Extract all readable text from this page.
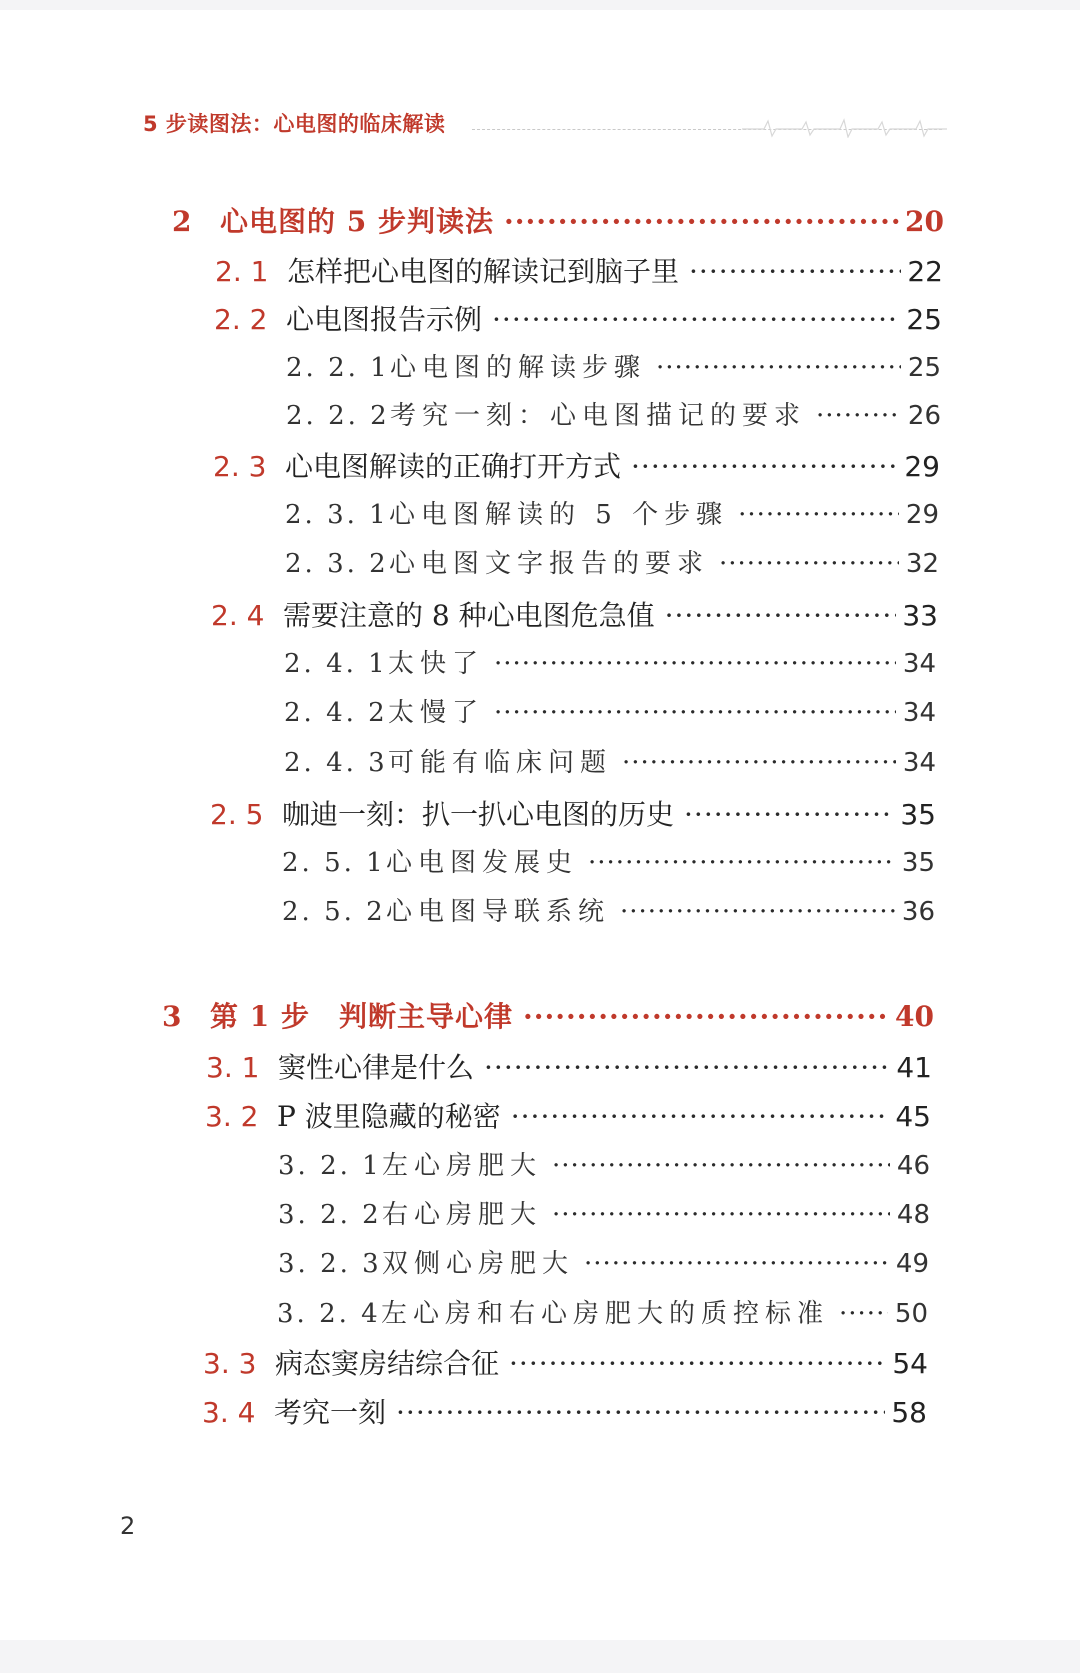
5 步读图法：心电图的临床解读
2	心电图的 5 步判读法 ·····	20
2. 1 怎样把心电图的解读记到脑子里 ·····	22
2. 2 心电图报告示例 ·····	25
2. 2. 1 心电图的解读步骤 ·····	25
2. 2. 2 考究一刻：心电图描记的要求 ·····	26
2. 3 心电图解读的正确打开方式 ·····	29
2. 3. 1 心电图解读的 5 个步骤 ·····	29
2. 3. 2 心电图文字报告的要求 ·····	32
2. 4 需要注意的 8 种心电图危急值 ·····	33
2. 4. 1 太快了 ·····	34
2. 4. 2 太慢了 ·····	34
2. 4. 3 可能有临床问题 ·····	34
2. 5 咖迪一刻：扒一扒心电图的历史 ·····	35
2. 5. 1 心电图发展史 ·····	35
2. 5. 2 心电图导联系统 ·····	36
3	第 1 步　判断主导心律 ·····	40
3. 1 窦性心律是什么 ·····	41
3. 2 P 波里隐藏的秘密 ·····	45
3. 2. 1 左心房肥大 ·····	46
3. 2. 2 右心房肥大 ·····	48
3. 2. 3 双侧心房肥大 ·····	49
3. 2. 4 左心房和右心房肥大的质控标准 ·····	50
3. 3 病态窦房结综合征 ·····	54
3. 4 考究一刻 ·····	58
2
